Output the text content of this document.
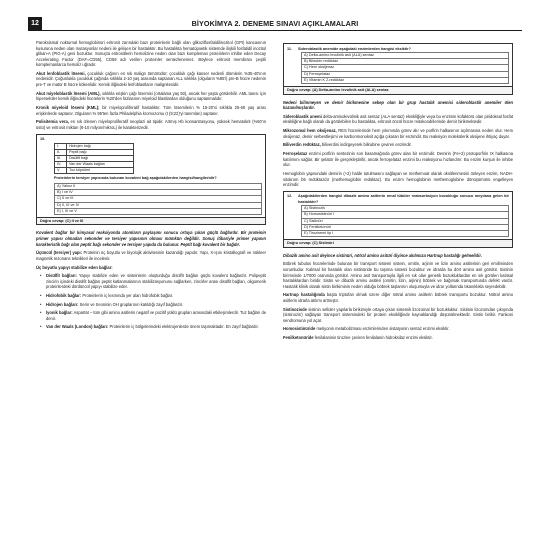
12	BİYOKİMYA 2. DENEME SINAVI AÇIKLAMALARI
Paroksismal nokturnal hemoglobinüri eritrosit zarındaki bazı proteinlerin bağlı olan glikozilfosfatidilinozitol (GPI) kancasının kusuruna neden olan mutasyonlar nedeni ile gelişen bir hastalıktır. Bu hastalıkta hematopoetik sistemde ilişkili fosfatidil inozitol glikan-A (PIG-A) geni bozuktur. Sonuçta eritrositlerin hemolizine neden olan bazı kompleman proteinlerin inhibe eden Decay Accelerating Factor (DAF=CD55), CD59 adı verilen proteinler sentezlenemez. Böylece eritrosit membranı çeşitli komplemanlarca hemoliz uğradır.
Akut lenfoblastik lösemi, çocukluk çağının en sık malign tümörüdür; çocukluk çağı kanser nedenli ölümlerin %35-40'ının nedenidir. Çoğunlukla çocukluk çağında sıklıkla 2-10 yaş arasında saptanan ALL sıklıkla (olguların %85'i) pre-B hücre nedenin pre-T ve matür B hücre kökenlidir. Kemik iliğindeki lenfoblastların malignitesidir.
Akut miyeloblastik lösemi (AML), sıklıkla erişkin çağı lösemisi (ortalama yaş 50), ancak her yaşta görülebilir. AML tanısı için hiperselüler kemik iliğindeki hücrelerin %20'den fazlasının miyeloid blastlardan olduğunu saptanmalıdır.
Kronik miyeloid lösemi (KML); bir miyeloproliferatif hastalıktır. Tüm lösemilerin % 15-20'si sıklıkla 25-60 yaş arası erişkinlerde saptanır. Olguların % 95'ten fazla Philadelphia kromozomu (t (9;22)'yi tanımları) saptanır.
Polisitemia vera, en sık izlenen miyeloproliferatif neoplazi ait tipidir. Artmış Hb konsantrasyonu, yüksek hematokrit (%60'ın üstü) ve eritrosit miktarı (6-10 milyon/mikroL) ile karakterizedir.
10.
I.	Hidrojen bağı
II.	Peptit bağı
III.	Disülfit bağı
IV.	Van der Waals bağları
V.	Tuz köprüleri
Proteinlerin tersiyer yapısında bulunan kovalent bağ aşağıdakilerden hangisi/hangileridir?
A) Yalnız II
B) I ve IV
C) II ve III
D) II, III ve IV
E) I, III ve V
Doğru cevap: (C) II ve III
Kovalent bağlar bir kimyasal reaksiyonda atomların paylaşımı sonucu ortaya çıkan güçlü bağlardır. Bir proteinin primer yapısı olmadan sekonder ve tersiyer yapısının olması mümkün değildir. Sonuç itibariyle primer yapının karakteristik bağı olan peptit bağı sekonder ve tersiyer yapıda da bulunur. Peptit bağı kovalent bir bağdır.
Üçüncül (tersiyer) yapı: Proteinin üç boyutlu ve biyolojik aktivitesinin kazandığı yapıdır. Yapı, X-ışını kristallografi ve nükleer magnetik rezonans teknikleri ile incelenir.
Üç boyutlu yapıyı stabilize eden bağlar:
•	Disülfit bağları: Yapıyı stabilize eden ve sisteinlerin oluşturduğu disülfit bağları güçlü kovalent bağlardır. Polipeptit zincirin içindeki disülfit bağları peptit katlanmalarının stabilizasyonunu sağlarken, zincirler arası disülfit bağları, oligomerik proteinlerdeki dördüncül yapıyı stabilize eder.
•	Hidrofobik bağlar: Proteinlerin iç kısmında yer alan hidrofobik bağlar.
•	Hidrojen bağları: Serin ve treoninin OH gruplarının katıldığı zayıf bağlardır.
•	İyonik bağlar: Aspartat – tüm gibi amino asitlerin negatif ve pozitif yüklü grupları arasındaki etkileşimlerdir. Tuz bağları de denir.
•	Van der Waals (London) bağları: Proteinlerin iç bölgelerindeki elektrojenlerde önem taşımaktadır. En zayıf bağlardır.
11.	Sideroblastik anemide aşağıdaki enzimlerden hangisi eksiktir?
A) Delta-amino levulinik asit (ALA) sentaz
B) Bilirubin redüktaz
C) Hem oksijenaz
D) Ferroşelataz
E) Vitamin K 2-redüktaz
Doğru cevap: (A) Delta-amino levulinik asit (ALA) sentaz
Nedeni bilinmeyen ve demir birikmesine sebep olan bir grup hastalık anemisi sideroblastik anemiler ölen kazanılmışlardır.
Sideroblastik anemi delta-aminolevülinik asit sentaz (ALA sentaz) eksikliğiyle veya bu enzimin kofaktörü olan piridoksal fosfat eksikliğine bağlı olarak da görülebilen bu hastalıkta, eritrosit öncül hücre mitokondrilerinde demir birikmektedir.
Mikrozomal hem oksijenaz, RES hücrelerinde hem yıkımında görev alır ve porfirin halkasının açılmasına neden olur. Hem oksijenaz, demir serbestleşimi ve karbonmonoksit açığa çıkaran bir enzimdir. Bu reaksiyon molekülerik oksijene ihtiyaç duyar.
Biliverdin redüktaz, biliverdini indirgeyerek bilirubine çeviren enzimdir.
Ferroşelataz enzimi porfirin sentezinin son basamağında görev alan bir enzimdir. Demirin (Fe+2) protoporfirin IX halkasına katılımını sağlar. Bir şelatör ile gerçekleştirilir, ancak ferroşelataz enzimi bu reaksiyonu hızlandırır. Bu enzim kurşun ile inhibe olur.
Hemoglobin yapısındaki demirin (+2) halde tutulmasını sağlayan ve methemoat olarak oksitlenmesini önleyen enzim, NADH-sitokrom b5 redüktazdır (methemoglobin redüktaz). Bu enzim hemoglobinin methemoglobine dönüşümünü engelleyen enzimdir.
12.	Aşağıdakilerden hangisi dibazik amino asitlerin renal tübüler reabsorbsiyon bozukluğu sonucu meydana gelen bir hastalıktır?
A) Sistinozis
B) Homosistinüri I
C) Sistinüri
D) Fenilketonüri
E) Tirozinemi tip I
Doğru cevap: (C) Sistinüri
Dibazik amino asit deyince sistinüri, nötral amino asitüri diyince akılımıza Hartnup hastalığı gelmelidir.
Böbrek tubulus hücrelerinde bulunan bir transport sistemi sistein, ornitin, arjinin ve lizin amino asitlerinin geri emiliminden sorumludur. Kalıtsal bir hastalık olan sistinüride bu taşıma sistemi bozuktur ve idrarda bu dört amino asit görülür. Sistinin birimsinde 1/7000 oranında görülür. Amino asit transportuyla ilgili en sık olan genetik bozukluklardan en sık görülen kalıtsal hastalıklardan biridir. Sistin ve dibazik amino asitleri (ornitin, lizin, arjinin) böbrek ve bağırsak transportunda defekt vardır. Hastalık klinik olarak sistin birikiminin neden olduğu böbrek taşlarının oluşumuyla ve idrar yollarında tıkanıklıkla seyredebilir.
Hartnup hastalığında başta triptofan olmak üzere diğer nötral amino asitlerin böbrek transportu bozuktur. Nötral amino asitlerin idrarla atılımı artmıştır.
Sistinozisde sistinin sellüler yapılarla birikimiyle ortaya çıkan sistemik lizozomal bir bozukluktur. Sistinin lizozomdan çıkışında (sistinozin) sağlayan transport sistemindeki bir protein eksikliğinde kaynaklandığı düşünülmektedir. Sistin birikir. Fankoni sendromuna yol açar.
Homosistinüride metiyonin metabolizması enzimlerinden sistatyonin sentaz enzimi eksiktir.
Fenilketonüride fenilalaninin tirozine çeviren fenilalanin hidroksilaz enzimi eksiktir.
